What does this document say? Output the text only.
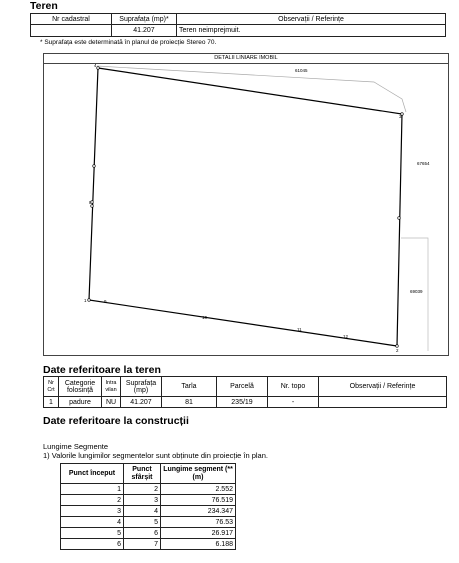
Teren
Nr cadastral	Suprafața (mp)*	Observații / Referințe
	41.207	Teren neimprejmuit.
* Suprafața este determinată în planul de proiecție Stereo 70.
DETALII LINIARE IMOBIL
4
3
2
1	9
10
11
12
8
61045
67654
69039
Date referitoare la teren
Nr Crt	Categorie folosință	Intra vilan	Suprafața (mp)	Tarla	Parcelă	Nr. topo	Observații / Referințe
1	padure	NU	41.207	81	235/19	-	
Date referitoare la construcții
Lungime Segmente
1) Valorile lungimilor segmentelor sunt obținute din proiecție în plan.
Punct început	Punct sfârșit	Lungime segment (** (m)
1	2	2.552
2	3	76.519
3	4	234.347
4	5	76.53
5	6	26.917
6	7	6.188
